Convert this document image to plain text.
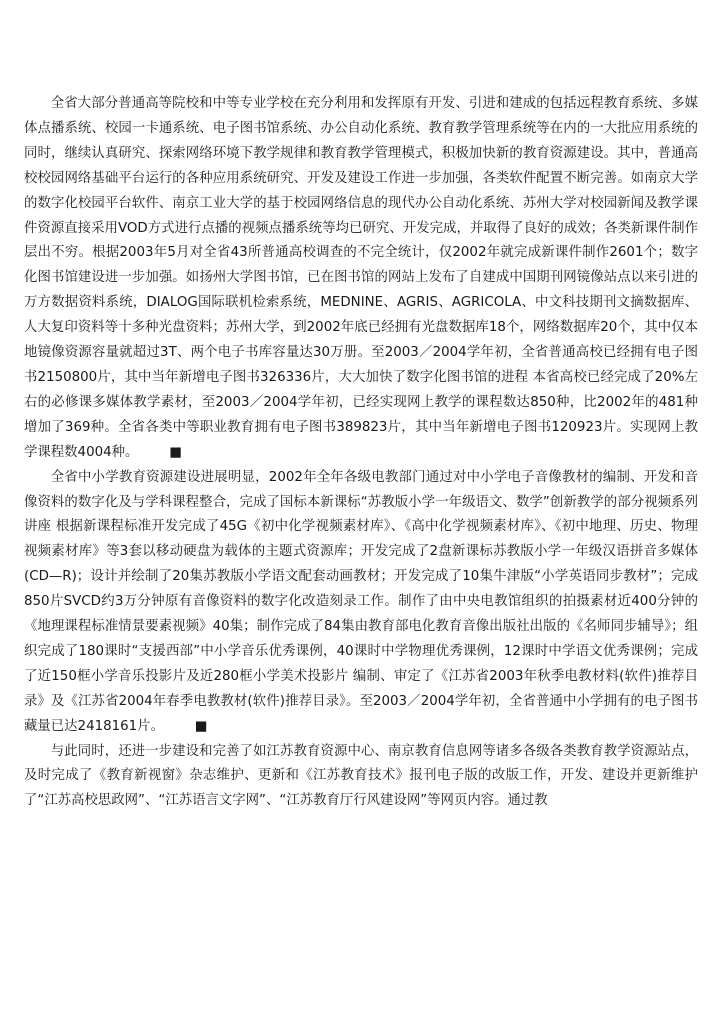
全省大部分普通高等院校和中等专业学校在充分利用和发挥原有开发、引进和建成的包括远程教育系统、多媒体点播系统、校园一卡通系统、电子图书馆系统、办公自动化系统、教育教学管理系统等在内的一大批应用系统的同时，继续认真研究、探索网络环境下教学规律和教育教学管理模式，积极加快新的教育资源建设。其中，普通高校校园网络基础平台运行的各种应用系统研究、开发及建设工作进一步加强，各类软件配置不断完善。如南京大学的数字化校园平台软件、南京工业大学的基于校园网络信息的现代办公自动化系统、苏州大学对校园新闻及教学课件资源直接采用VOD方式进行点播的视频点播系统等均已研究、开发完成，并取得了良好的成效；各类新课件制作层出不穷。根据2003年5月对全省43所普通高校调查的不完全统计，仅2002年就完成新课件制作2601个；数字化图书馆建设进一步加强。如扬州大学图书馆，已在图书馆的网站上发布了自建成中国期刊网镜像站点以来引进的万方数据资料系统，DIALOG国际联机检索系统，MEDNINE、AGRIS、AGRICOLA、中文科技期刊文摘数据库、人大复印资料等十多种光盘资料；苏州大学，到2002年底已经拥有光盘数据库18个，网络数据库20个，其中仅本地镜像资源容量就超过3T、两个电子书库容量达30万册。至2003／2004学年初，全省普通高校已经拥有电子图书2150800片，其中当年新增电子图书326336片，大大加快了数字化图书馆的进程 本省高校已经完成了20%左右的必修课多媒体教学素材，至2003／2004学年初，已经实现网上教学的课程数达850种，比2002年的481种增加了369种。全省各类中等职业教育拥有电子图书389823片，其中当年新增电子图书120923片。实现网上教学课程数4004种。 ■

全省中小学教育资源建设进展明显，2002年全年各级电教部门通过对中小学电子音像教材的编制、开发和音像资料的数字化及与学科课程整合，完成了国标本新课标“苏教版小学一年级语文、数学”创新教学的部分视频系列讲座 根据新课程标准开发完成了45G《初中化学视频素材库》、《高中化学视频素材库》、《初中地理、历史、物理视频素材库》等3套以移动硬盘为载体的主题式资源库；开发完成了2盘新课标苏教版小学一年级汉语拼音多媒体(CD—R)；设计并绘制了20集苏教版小学语文配套动画教材；开发完成了10集牛津版“小学英语同步教材”；完成850片SVCD约3万分钟原有音像资料的数字化改造刻录工作。制作了由中央电教馆组织的拍摄素材近400分钟的《地理课程标准情景要素视频》40集；制作完成了84集由教育部电化教育音像出版社出版的《名师同步辅导》；组织完成了180课时“支援西部”中小学音乐优秀课例，40课时中学物理优秀课例，12课时中学语文优秀课例；完成了近150框小学音乐投影片及近280框小学美术投影片 编制、审定了《江苏省2003年秋季电教材料(软件)推荐目录》及《江苏省2004年春季电教教材(软件)推荐目录》。至2003／2004学年初，全省普通中小学拥有的电子图书藏量已达2418161片。 ■

与此同时，还进一步建设和完善了如江苏教育资源中心、南京教育信息网等诸多各级各类教育教学资源站点，及时完成了《教育新视窗》杂志维护、更新和《江苏教育技术》报刊电子版的改版工作，开发、建设并更新维护了“江苏高校思政网”、“江苏语言文字网”、“江苏教育厅行风建设网”等网页内容。通过教
